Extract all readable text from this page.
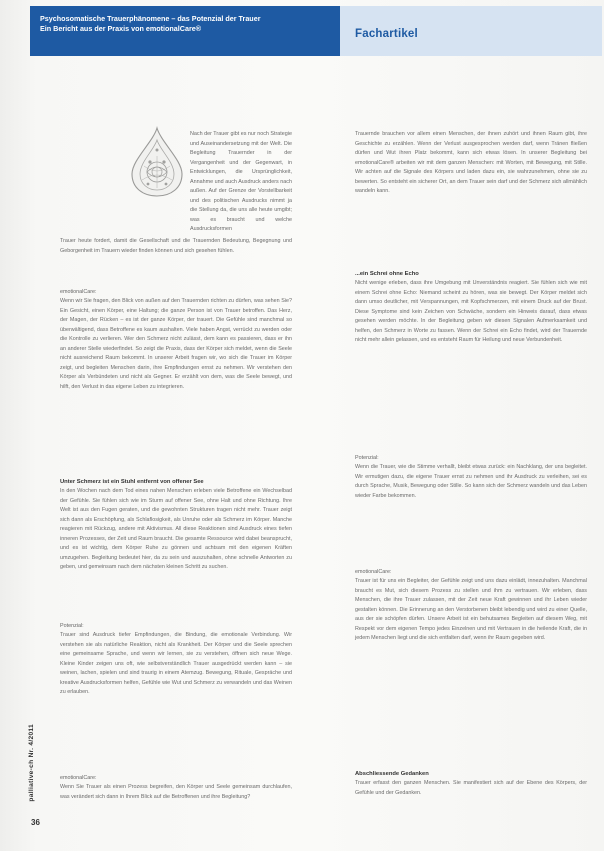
Psychosomatische Trauerphänomene – das Potenzial der Trauer
Ein Bericht aus der Praxis von emotionalCare®	Fachartikel

Nach der Trauer gibt es nur noch Strategie und Auseinandersetzung mit der Welt. Die Begleitung Trauernder in der Vergangenheit und der Gegenwart, in Entwicklungen, die Ursprünglichkeit, Annahme und auch Ausdruck anders nach außen. Auf der Grenze der Vorstellbarkeit und des politischen Ausdrucks nimmt ja die Stellung da, die uns alle heute umgibt; was es braucht und welche Ausdrucksformen

Trauer heute fordert, damit die Gesellschaft und die Trauernden Bedeutung, Begegnung und Geborgenheit im Trauern wieder finden können und sich gesehen fühlen.

emotionalCare:

Wenn wir Sie fragen, den Blick von außen auf den Trauernden richten zu dürfen, was sehen Sie? Ein Gesicht, einen Körper, eine Haltung; die ganze Person ist von Trauer betroffen. Das Herz, der Magen, der Rücken – es ist der ganze Körper, der trauert. Die Gefühle sind manchmal so überwältigend, dass Betroffene es kaum aushalten. Viele haben Angst, verrückt zu werden oder die Kontrolle zu verlieren. Wer den Schmerz nicht zulässt, dem kann es passieren, dass er ihn an anderer Stelle wiederfindet. So zeigt die Praxis, dass der Körper sich meldet, wenn die Seele nicht ausreichend Raum bekommt. In unserer Arbeit fragen wir, wo sich die Trauer im Körper zeigt, und begleiten Menschen darin, ihre Empfindungen ernst zu nehmen. Wir verstehen den Körper als Verbündeten und nicht als Gegner. Er erzählt von dem, was die Seele bewegt, und hilft, den Verlust in das eigene Leben zu integrieren.

Unter Schmerz ist ein Stuhl entfernt von offener See

In den Wochen nach dem Tod eines nahen Menschen erleben viele Betroffene ein Wechselbad der Gefühle. Sie fühlen sich wie im Sturm auf offener See, ohne Halt und ohne Richtung. Ihre Welt ist aus den Fugen geraten, und die gewohnten Strukturen tragen nicht mehr. Trauer zeigt sich dann als Erschöpfung, als Schlaflosigkeit, als Unruhe oder als Schmerz im Körper. Manche reagieren mit Rückzug, andere mit Aktivismus. All diese Reaktionen sind Ausdruck eines tiefen inneren Prozesses, der Zeit und Raum braucht. Die gesamte Ressource wird dabei beansprucht, und es ist wichtig, dem Körper Ruhe zu gönnen und achtsam mit den eigenen Kräften umzugehen. Begleitung bedeutet hier, da zu sein und auszuhalten, ohne schnelle Antworten zu geben, und gemeinsam nach dem nächsten kleinen Schritt zu suchen.

Potenzial:

Trauer sind Ausdruck tiefer Empfindungen, die Bindung, die emotionale Verbindung. Wir verstehen sie als natürliche Reaktion, nicht als Krankheit. Der Körper und die Seele sprechen eine gemeinsame Sprache, und wenn wir lernen, sie zu verstehen, öffnen sich neue Wege. Kleine Kinder zeigen uns oft, wie selbstverständlich Trauer ausgedrückt werden kann – sie weinen, lachen, spielen und sind traurig in einem Atemzug. Bewegung, Rituale, Gespräche und kreative Ausdrucksformen helfen, Gefühle wie Wut und Schmerz zu verwandeln und das Weinen zu erlauben.

emotionalCare:

Wenn Sie Trauer als einen Prozess begreifen, den Körper und Seele gemeinsam durchlaufen, was verändert sich dann in Ihrem Blick auf die Betroffenen und ihre Begleitung?

Trauernde brauchen vor allem einen Menschen, der ihnen zuhört und ihnen Raum gibt, ihre Geschichte zu erzählen. Wenn der Verlust ausgesprochen werden darf, wenn Tränen fließen dürfen und Wut ihren Platz bekommt, kann sich etwas lösen. In unserer Begleitung bei emotionalCare® arbeiten wir mit dem ganzen Menschen: mit Worten, mit Bewegung, mit Stille. Wir achten auf die Signale des Körpers und laden dazu ein, sie wahrzunehmen, ohne sie zu bewerten. So entsteht ein sicherer Ort, an dem Trauer sein darf und der Schmerz sich allmählich wandeln kann.

...ein Schrei ohne Echo

Nicht wenige erleben, dass ihre Umgebung mit Unverständnis reagiert. Sie fühlen sich wie mit einem Schrei ohne Echo: Niemand scheint zu hören, was sie bewegt. Der Körper meldet sich dann umso deutlicher, mit Verspannungen, mit Kopfschmerzen, mit einem Druck auf der Brust. Diese Symptome sind kein Zeichen von Schwäche, sondern ein Hinweis darauf, dass etwas gesehen werden möchte. In der Begleitung geben wir diesen Signalen Aufmerksamkeit und helfen, den Schmerz in Worte zu fassen. Wenn der Schrei ein Echo findet, wird der Trauernde nicht mehr allein gelassen, und es entsteht Raum für Heilung und neue Verbundenheit.

Potenzial:

Wenn die Trauer, wie die Stimme verhallt, bleibt etwas zurück: ein Nachklang, der uns begleitet. Wir ermutigen dazu, die eigene Trauer ernst zu nehmen und ihr Ausdruck zu verleihen, sei es durch Sprache, Musik, Bewegung oder Stille. So kann sich der Schmerz wandeln und das Leben wieder Farbe bekommen.

emotionalCare:

Trauer ist für uns ein Begleiter, der Gefühle zeigt und uns dazu einlädt, innezuhalten. Manchmal braucht es Mut, sich diesem Prozess zu stellen und ihm zu vertrauen. Wir erleben, dass Menschen, die ihre Trauer zulassen, mit der Zeit neue Kraft gewinnen und ihr Leben wieder gestalten können. Die Erinnerung an den Verstorbenen bleibt lebendig und wird zu einer Quelle, aus der sie schöpfen dürfen. Unsere Arbeit ist ein behutsames Begleiten auf diesem Weg, mit Respekt vor dem eigenen Tempo jedes Einzelnen und mit Vertrauen in die heilende Kraft, die in jedem Menschen liegt und die sich entfalten darf, wenn ihr Raum gegeben wird.

Abschliessende Gedanken

Trauer erfasst den ganzen Menschen. Sie manifestiert sich auf der Ebene des Körpers, der Gefühle und der Gedanken.

palliative-ch Nr. 4/2011
36
